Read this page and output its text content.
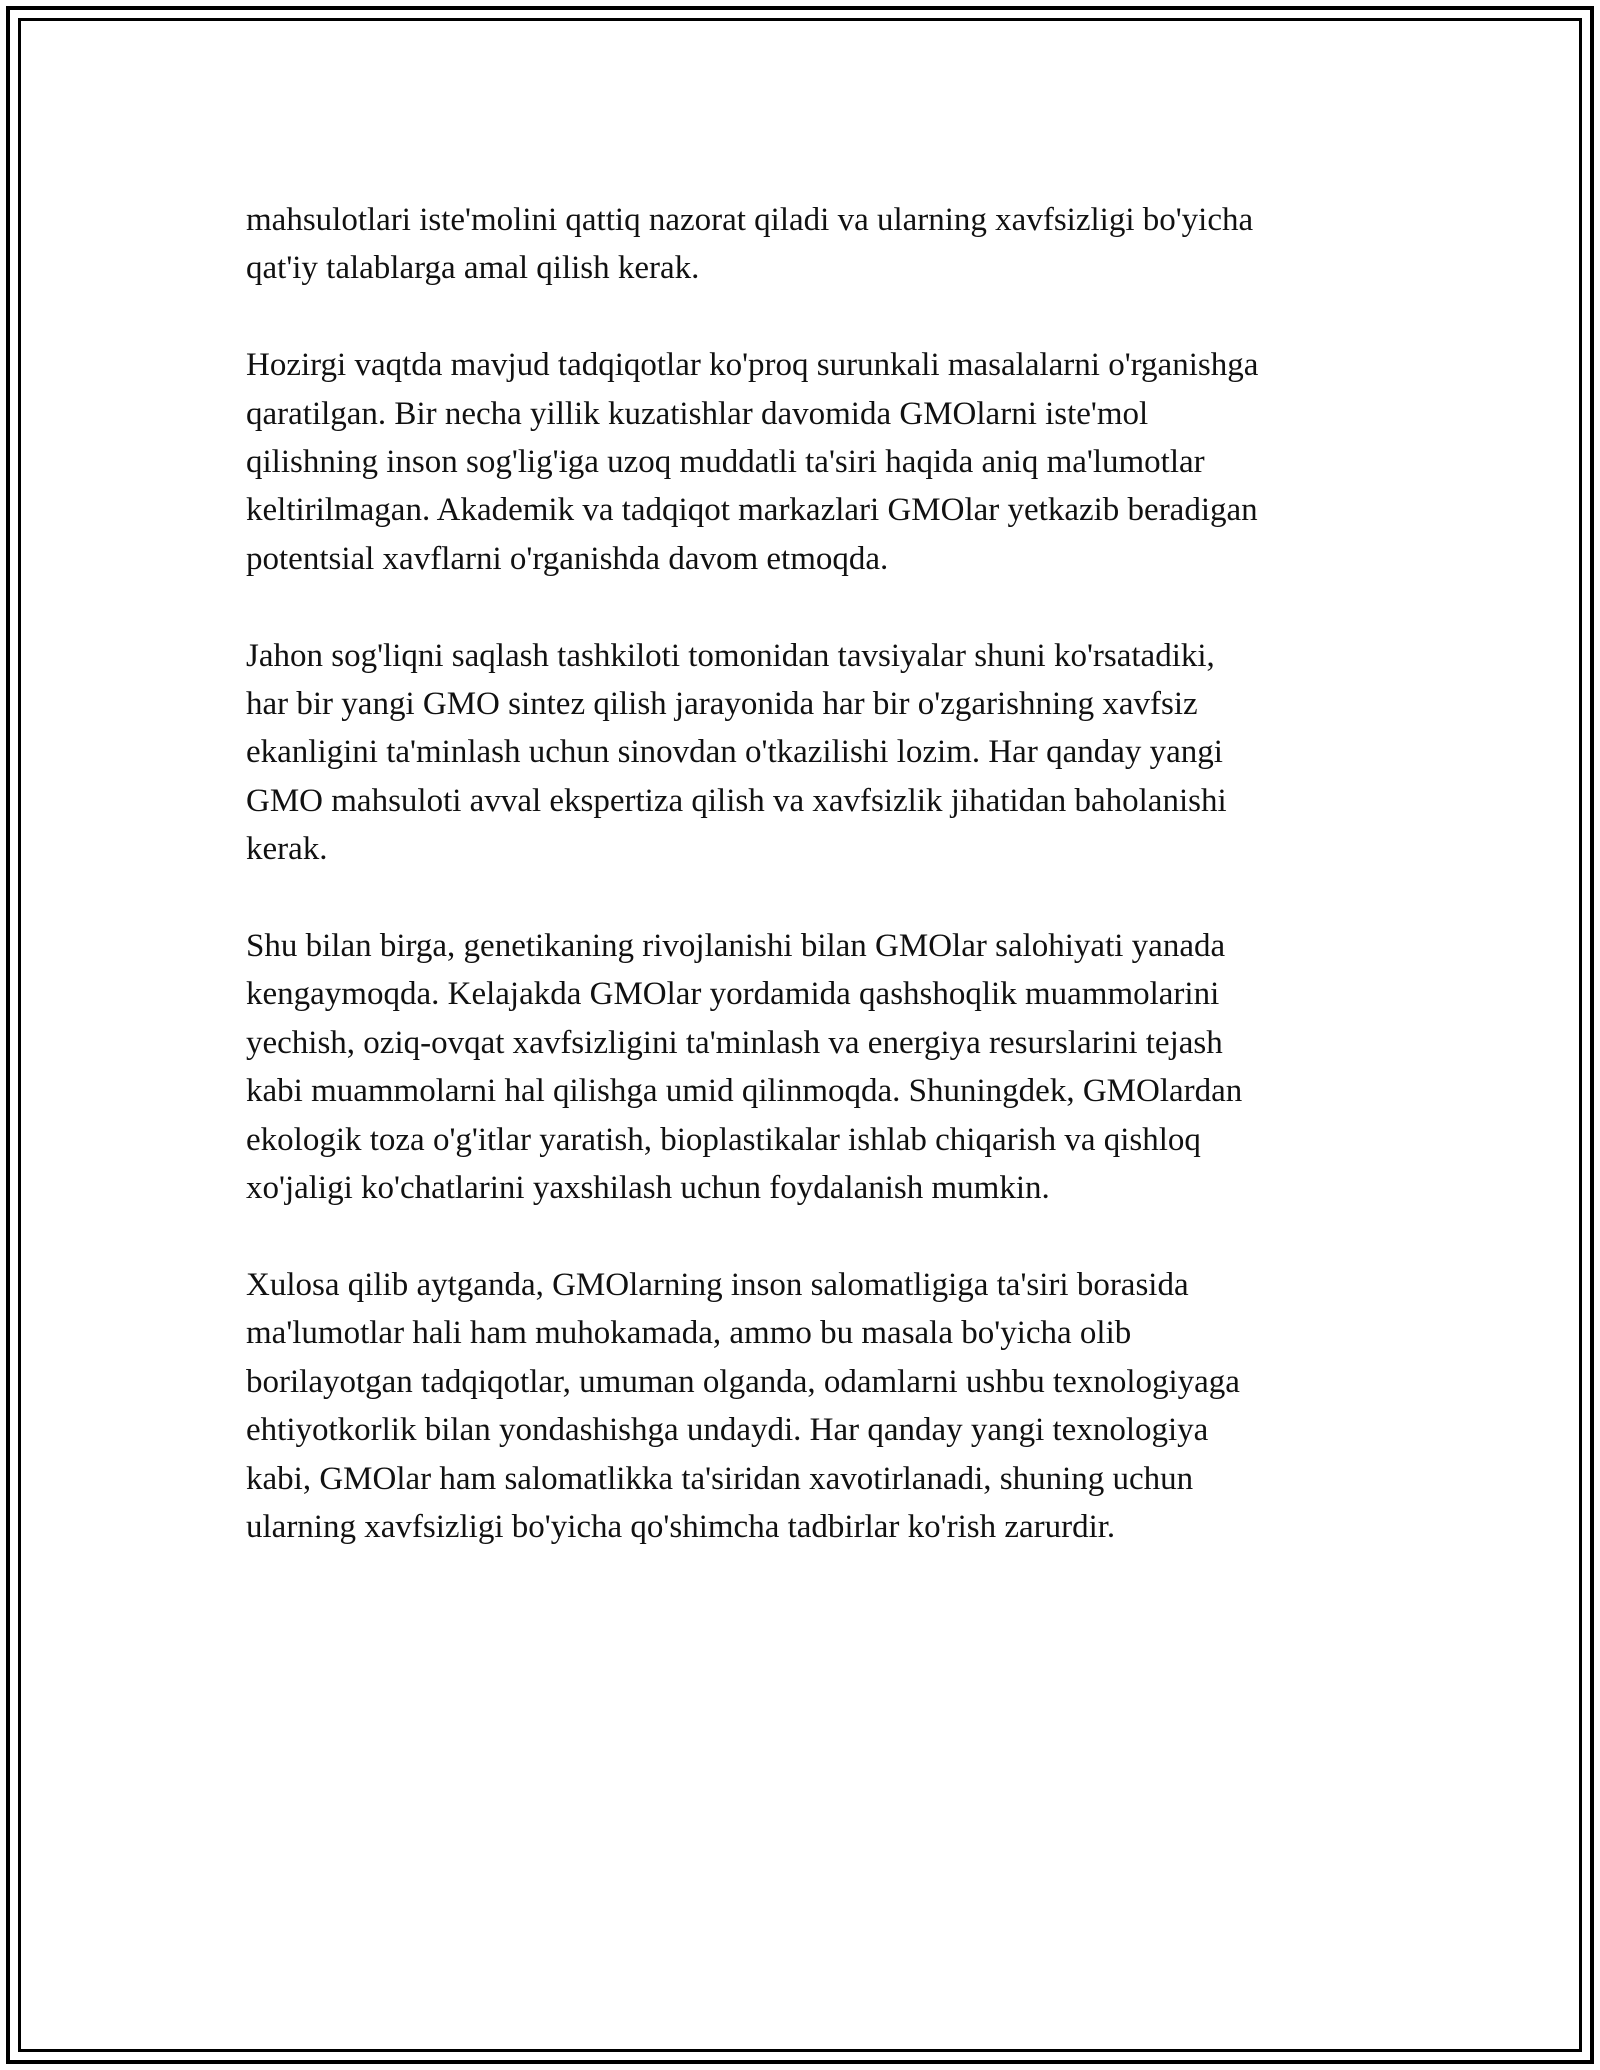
mahsulotlari iste'molini qattiq nazorat qiladi va ularning xavfsizligi bo'yicha
qat'iy talablarga amal qilish kerak.

Hozirgi vaqtda mavjud tadqiqotlar ko'proq surunkali masalalarni o'rganishga
qaratilgan. Bir necha yillik kuzatishlar davomida GMOlarni iste'mol
qilishning inson sog'lig'iga uzoq muddatli ta'siri haqida aniq ma'lumotlar
keltirilmagan. Akademik va tadqiqot markazlari GMOlar yetkazib beradigan
potentsial xavflarni o'rganishda davom etmoqda.

Jahon sog'liqni saqlash tashkiloti tomonidan tavsiyalar shuni ko'rsatadiki,
har bir yangi GMO sintez qilish jarayonida har bir o'zgarishning xavfsiz
ekanligini ta'minlash uchun sinovdan o'tkazilishi lozim. Har qanday yangi
GMO mahsuloti avval ekspertiza qilish va xavfsizlik jihatidan baholanishi
kerak.

Shu bilan birga, genetikaning rivojlanishi bilan GMOlar salohiyati yanada
kengaymoqda. Kelajakda GMOlar yordamida qashshoqlik muammolarini
yechish, oziq-ovqat xavfsizligini ta'minlash va energiya resurslarini tejash
kabi muammolarni hal qilishga umid qilinmoqda. Shuningdek, GMOlardan
ekologik toza o'g'itlar yaratish, bioplastikalar ishlab chiqarish va qishloq
xo'jaligi ko'chatlarini yaxshilash uchun foydalanish mumkin.

Xulosa qilib aytganda, GMOlarning inson salomatligiga ta'siri borasida
ma'lumotlar hali ham muhokamada, ammo bu masala bo'yicha olib
borilayotgan tadqiqotlar, umuman olganda, odamlarni ushbu texnologiyaga
ehtiyotkorlik bilan yondashishga undaydi. Har qanday yangi texnologiya
kabi, GMOlar ham salomatlikka ta'siridan xavotirlanadi, shuning uchun
ularning xavfsizligi bo'yicha qo'shimcha tadbirlar ko'rish zarurdir.
